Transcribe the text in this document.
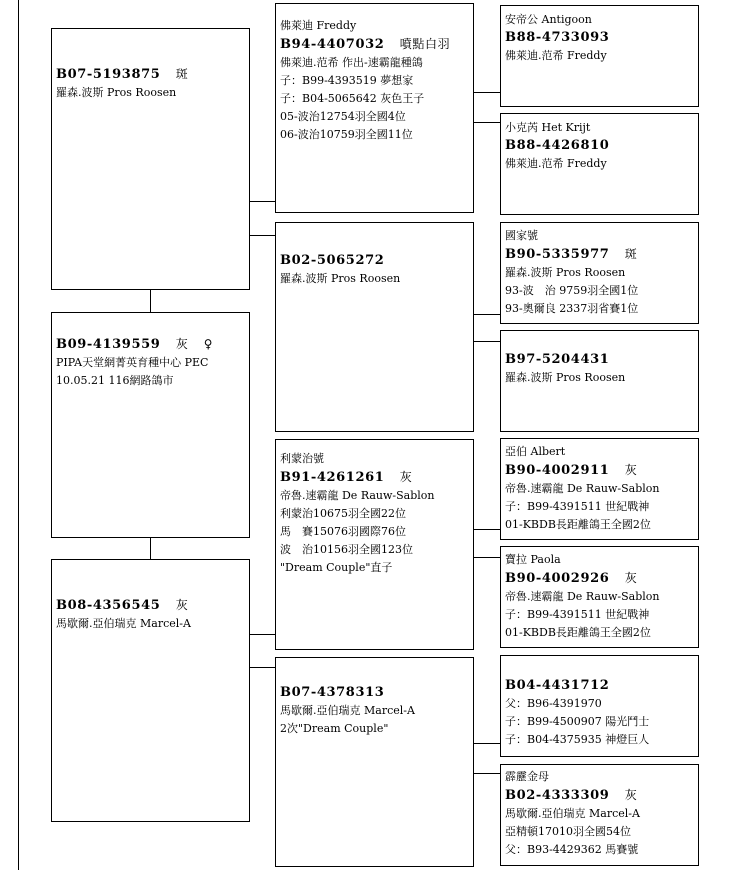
B09-4139559 灰 ♀
PIPA天堂網菁英育種中心 PEC
10.05.21 116網路鴿市
B07-5193875 斑
羅森.波斯 Pros Roosen
B08-4356545 灰
馬歇爾.亞伯瑞克 Marcel-A
佛萊迪 Freddy
B94-4407032 噴點白羽
佛萊迪.范希 作出-速霸龍種鴿
子：B99-4393519 夢想家
子：B04-5065642 灰色王子
05-波治12754羽全國4位
06-波治10759羽全國11位
B02-5065272
羅森.波斯 Pros Roosen
利蒙治號
B91-4261261 灰
帝魯.速霸龍 De Rauw-Sablon
利蒙治10675羽全國22位
馬　賽15076羽國際76位
波　治10156羽全國123位
"Dream Couple"直子
B07-4378313
馬歇爾.亞伯瑞克 Marcel-A
2次"Dream Couple"
安帝公 Antigoon
B88-4733093
佛萊迪.范希 Freddy
小克芮 Het Krijt
B88-4426810
佛萊迪.范希 Freddy
國家號
B90-5335977 斑
羅森.波斯 Pros Roosen
93-波　治 9759羽全國1位
93-奧爾良 2337羽省賽1位
B97-5204431
羅森.波斯 Pros Roosen
亞伯 Albert
B90-4002911 灰
帝魯.速霸龍 De Rauw-Sablon
子：B99-4391511 世紀戰神
01-KBDB長距離鴿王全國2位
寶拉 Paola
B90-4002926 灰
帝魯.速霸龍 De Rauw-Sablon
子：B99-4391511 世紀戰神
01-KBDB長距離鴿王全國2位
B04-4431712
父：B96-4391970
子：B99-4500907 陽光鬥士
子：B04-4375935 神燈巨人
霹靂金母
B02-4333309 灰
馬歇爾.亞伯瑞克 Marcel-A
亞精頓17010羽全國54位
父：B93-4429362 馬賽號
